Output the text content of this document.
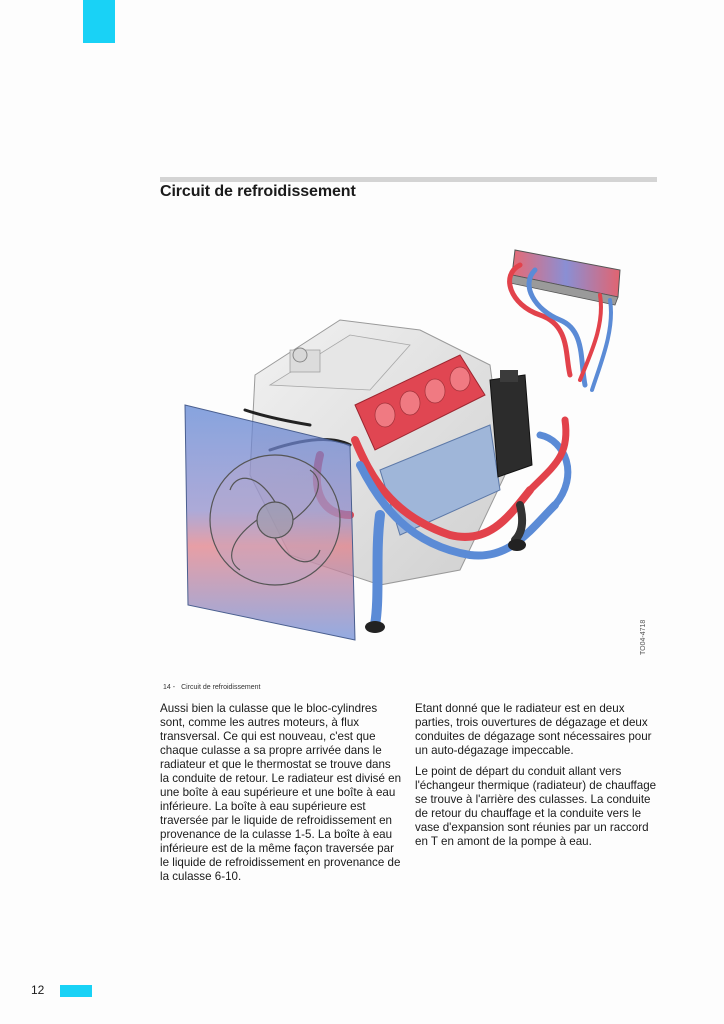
Circuit de refroidissement
TO04-4718
14 - Circuit de refroidissement

Aussi bien la culasse que le bloc-cylindres sont, comme les autres moteurs, à flux transversal. Ce qui est nouveau, c'est que chaque culasse a sa propre arrivée dans le radiateur et que le thermostat se trouve dans la conduite de retour. Le radiateur est divisé en une boîte à eau supérieure et une boîte à eau inférieure. La boîte à eau supérieure est traversée par le liquide de refroidissement en provenance de la culasse 1-5. La boîte à eau inférieure est de la même façon traversée par le liquide de refroidissement en provenance de la culasse 6-10.

Etant donné que le radiateur est en deux parties, trois ouvertures de dégazage et deux conduites de dégazage sont nécessaires pour un auto-dégazage impeccable.

Le point de départ du conduit allant vers l'échangeur thermique (radiateur) de chauffage se trouve à l'arrière des culasses. La conduite de retour du chauffage et la conduite vers le vase d'expansion sont réunies par un raccord en T en amont de la pompe à eau.

12
